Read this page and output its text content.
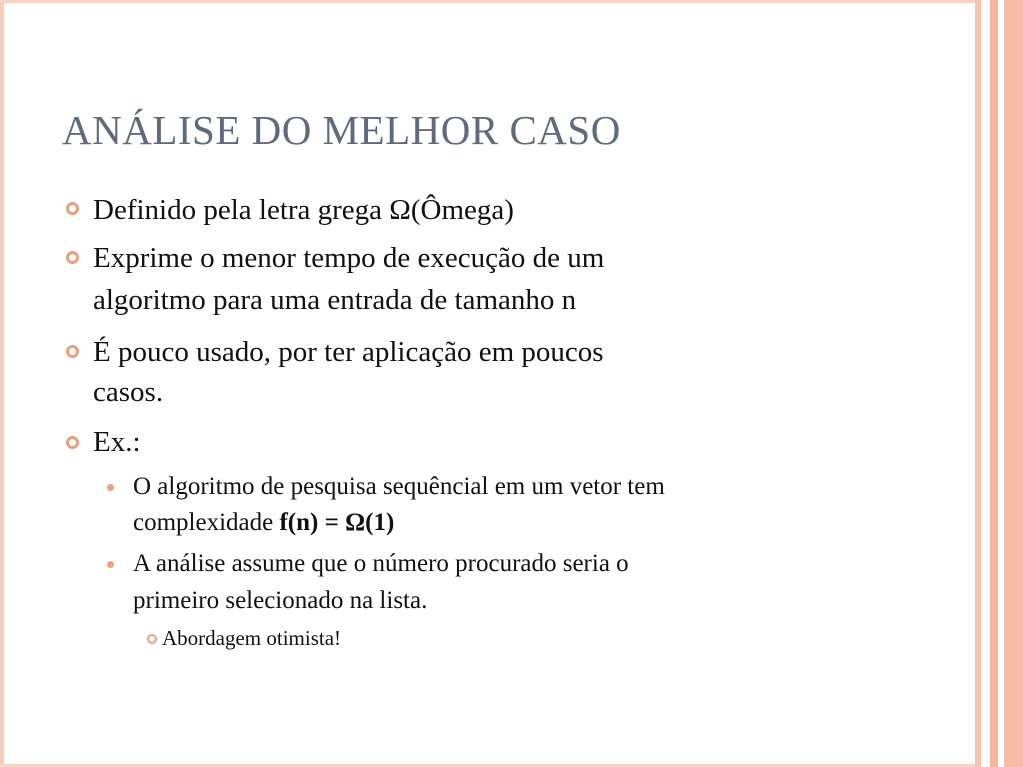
ANÁLISE DO MELHOR CASO
Definido pela letra grega Ω(Ômega)
Exprime o menor tempo de execução de um
algoritmo para uma entrada de tamanho n
É pouco usado, por ter aplicação em poucos
casos.
Ex.:
O algoritmo de pesquisa sequêncial em um vetor tem
complexidade f(n) = Ω(1)
A análise assume que o número procurado seria o
primeiro selecionado na lista.
Abordagem otimista!
